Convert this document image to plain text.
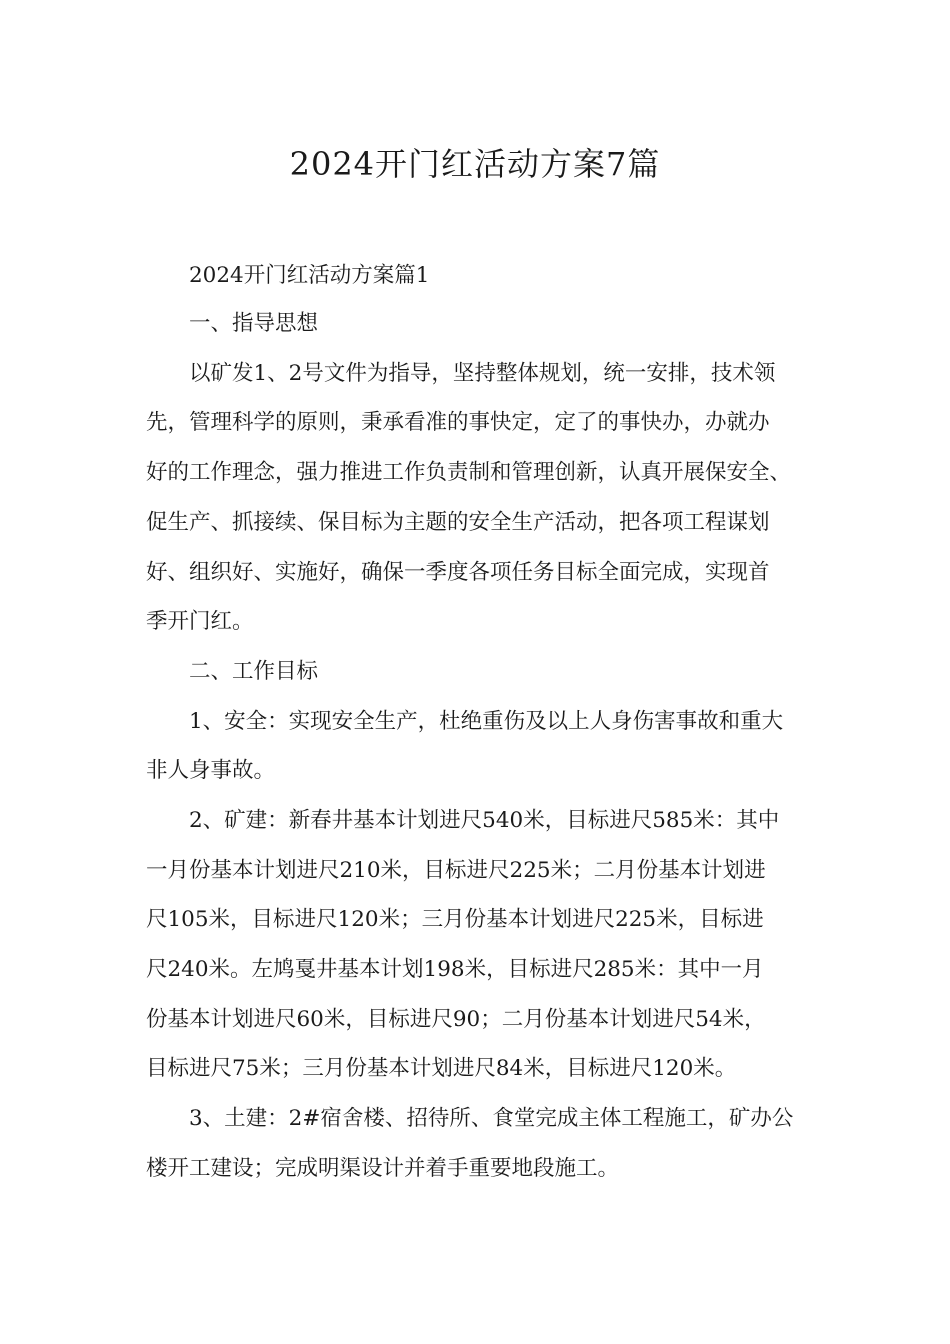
2024开门红活动方案7篇

2024开门红活动方案篇1

一、指导思想

以矿发1、2号文件为指导，坚持整体规划，统一安排，技术领

先，管理科学的原则，秉承看准的事快定，定了的事快办，办就办

好的工作理念，强力推进工作负责制和管理创新，认真开展保安全、

促生产、抓接续、保目标为主题的安全生产活动，把各项工程谋划

好、组织好、实施好，确保一季度各项任务目标全面完成，实现首

季开门红。

二、工作目标

1、安全：实现安全生产，杜绝重伤及以上人身伤害事故和重大

非人身事故。

2、矿建：新春井基本计划进尺540米，目标进尺585米：其中

一月份基本计划进尺210米，目标进尺225米；二月份基本计划进

尺105米，目标进尺120米；三月份基本计划进尺225米，目标进

尺240米。左鸠戛井基本计划198米，目标进尺285米：其中一月

份基本计划进尺60米，目标进尺90；二月份基本计划进尺54米，

目标进尺75米；三月份基本计划进尺84米，目标进尺120米。

3、土建：2#宿舍楼、招待所、食堂完成主体工程施工，矿办公

楼开工建设；完成明渠设计并着手重要地段施工。
